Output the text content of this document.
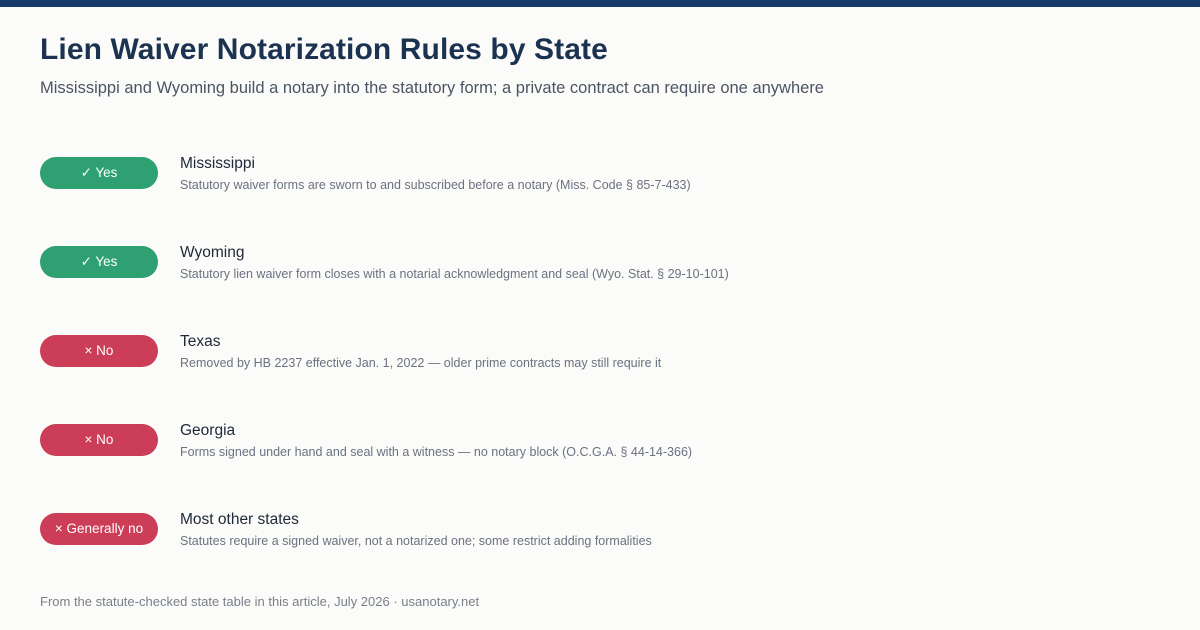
Lien Waiver Notarization Rules by State

Mississippi and Wyoming build a notary into the statutory form; a private contract can require one anywhere

✓ Yes
Mississippi
Statutory waiver forms are sworn to and subscribed before a notary (Miss. Code § 85-7-433)
✓ Yes
Wyoming
Statutory lien waiver form closes with a notarial acknowledgment and seal (Wyo. Stat. § 29-10-101)
× No
Texas
Removed by HB 2237 effective Jan. 1, 2022 — older prime contracts may still require it
× No
Georgia
Forms signed under hand and seal with a witness — no notary block (O.C.G.A. § 44-14-366)
× Generally no
Most other states
Statutes require a signed waiver, not a notarized one; some restrict adding formalities

From the statute-checked state table in this article, July 2026 · usanotary.net
